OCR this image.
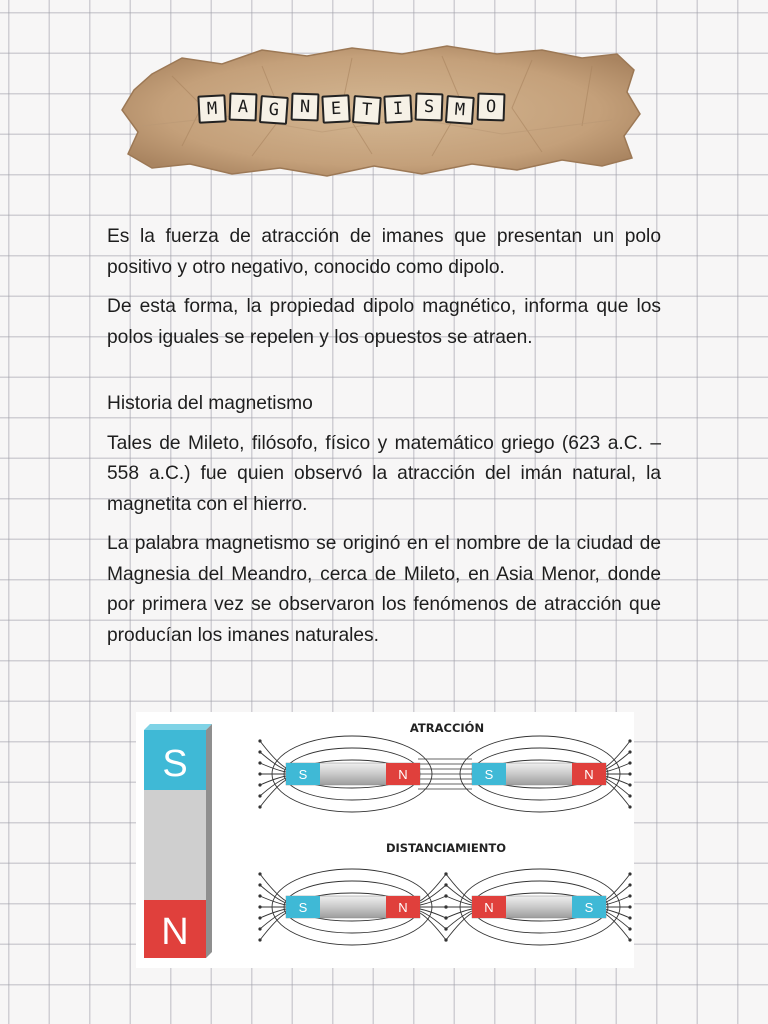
M	A	G	N	E	T	I	S	M	O

Es la fuerza de atracción de imanes que presentan un polo positivo y otro negativo, conocido como dipolo.

De esta forma, la propiedad dipolo magnético, informa que los polos iguales se repelen y los opuestos se atraen.

Historia del magnetismo

Tales de Mileto, filósofo, físico y matemático griego (623 a.C. – 558 a.C.) fue quien observó la atracción del imán natural, la magnetita con el hierro.

La palabra magnetismo se originó en el nombre de la ciudad de Magnesia del Meandro, cerca de Mileto, en Asia Menor, donde por primera vez se observaron los fenómenos de atracción que producían los imanes naturales.

S
N
ATRACCIÓN
DISTANCIAMIENTO
S	N	S	N
S	N	N	S
